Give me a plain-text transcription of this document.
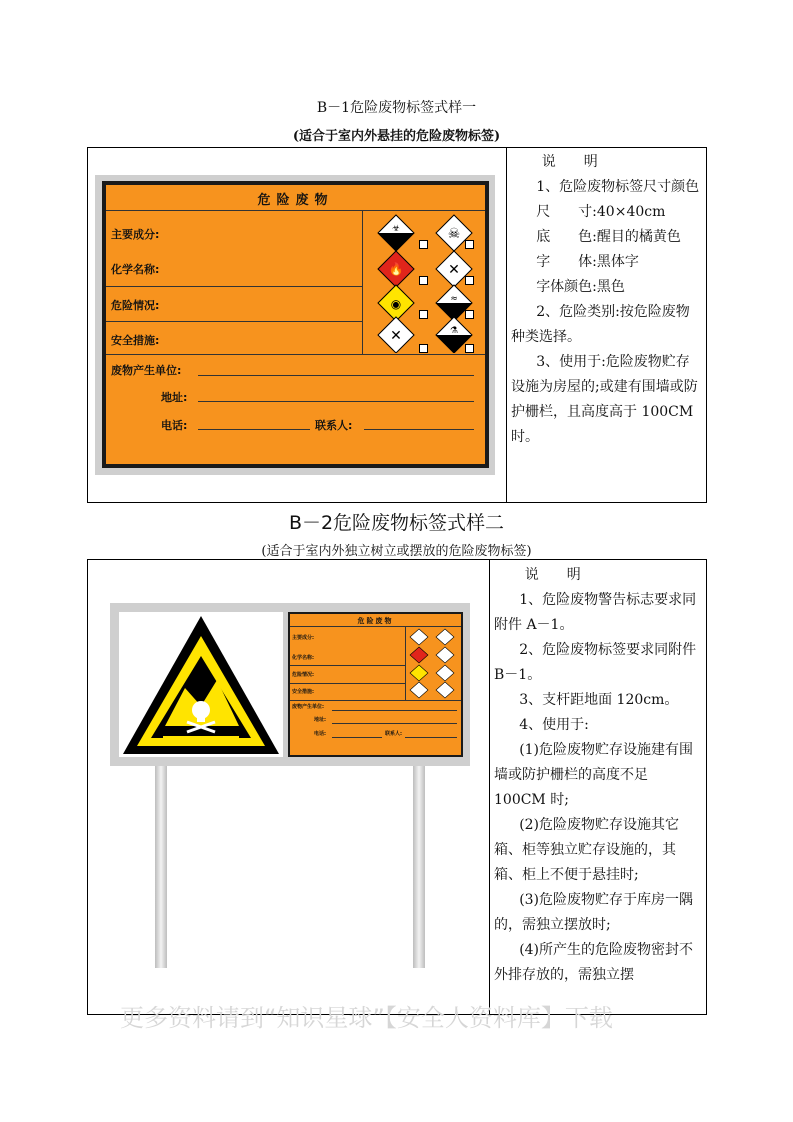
B－1危险废物标签式样一
(适合于室内外悬挂的危险废物标签)
危险废物
主要成分:
化学名称:
危险情况:
安全措施:
废物产生单位:
地址:
电话:	联系人:
☣	☠
🔥	✕
◉	≈
✕	⚗

说　　明

1、危险废物标签尺寸颜色

尺　　寸:40×40cm

底　　色:醒目的橘黄色

字　　体:黑体字

字体颜色:黑色

2、危险类别:按危险废物种类选择。

3、使用于:危险废物贮存设施为房屋的;或建有围墙或防护栅栏，且高度高于 100CM 时。

B－2危险废物标签式样二
(适合于室内外独立树立或摆放的危险废物标签)
危险废物
主要成分:
化学名称:
危险情况:
安全措施:
废物产生单位:
地址:
电话:	联系人:

说　　明

1、危险废物警告标志要求同附件 A－1。

2、危险废物标签要求同附件 B－1。

3、支杆距地面 120cm。

4、使用于:

(1)危险废物贮存设施建有围墙或防护栅栏的高度不足 100CM 时;

(2)危险废物贮存设施其它箱、柜等独立贮存设施的，其箱、柜上不便于悬挂时;

(3)危险废物贮存于库房一隅的，需独立摆放时;

(4)所产生的危险废物密封不外排存放的，需独立摆

更多资料请到“知识星球”【安全人资料库】下载
